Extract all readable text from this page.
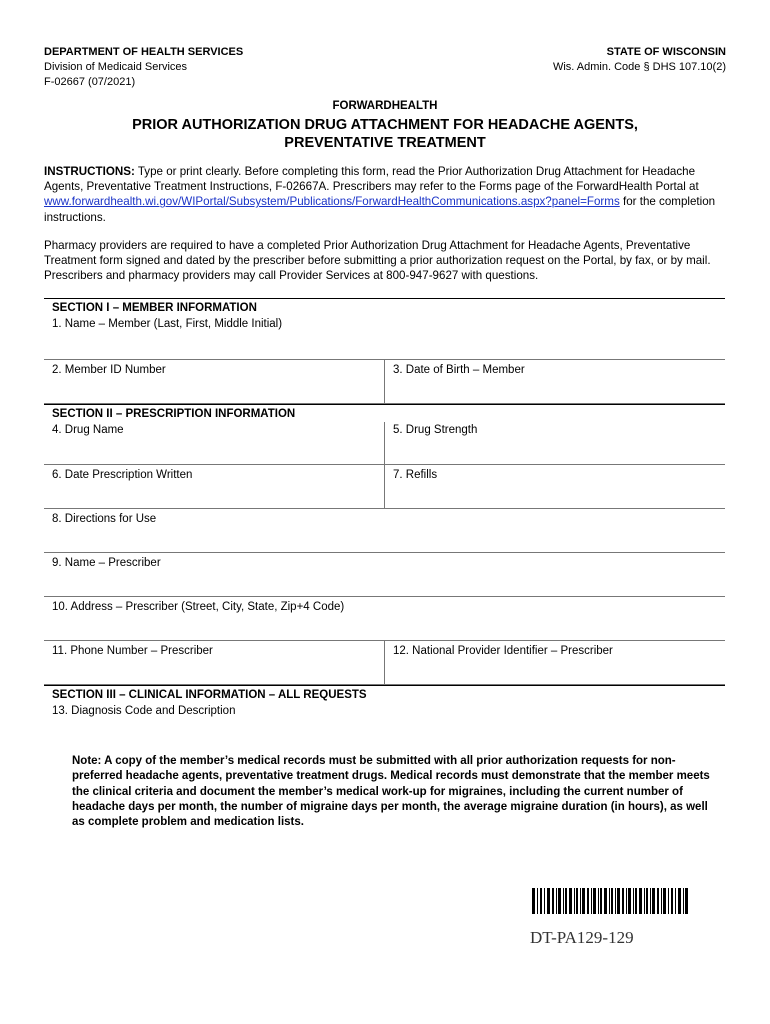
DEPARTMENT OF HEALTH SERVICES
Division of Medicaid Services
F-02667 (07/2021)
STATE OF WISCONSIN
Wis. Admin. Code § DHS 107.10(2)
FORWARDHEALTH
PRIOR AUTHORIZATION DRUG ATTACHMENT FOR HEADACHE AGENTS,
PREVENTATIVE TREATMENT
INSTRUCTIONS: Type or print clearly. Before completing this form, read the Prior Authorization Drug Attachment for Headache Agents, Preventative Treatment Instructions, F-02667A. Prescribers may refer to the Forms page of the ForwardHealth Portal at www.forwardhealth.wi.gov/WIPortal/Subsystem/Publications/ForwardHealthCommunications.aspx?panel=Forms for the completion instructions.
Pharmacy providers are required to have a completed Prior Authorization Drug Attachment for Headache Agents, Preventative Treatment form signed and dated by the prescriber before submitting a prior authorization request on the Portal, by fax, or by mail. Prescribers and pharmacy providers may call Provider Services at 800-947-9627 with questions.
SECTION I – MEMBER INFORMATION
1. Name – Member (Last, First, Middle Initial)
2. Member ID Number	3. Date of Birth – Member
SECTION II – PRESCRIPTION INFORMATION
4. Drug Name	5. Drug Strength
6. Date Prescription Written	7. Refills
8. Directions for Use
9. Name – Prescriber
10. Address – Prescriber (Street, City, State, Zip+4 Code)
11. Phone Number – Prescriber	12. National Provider Identifier – Prescriber
SECTION III – CLINICAL INFORMATION – ALL REQUESTS
13. Diagnosis Code and Description
Note: A copy of the member’s medical records must be submitted with all prior authorization requests for non-preferred headache agents, preventative treatment drugs. Medical records must demonstrate that the member meets the clinical criteria and document the member’s medical work-up for migraines, including the current number of headache days per month, the number of migraine days per month, the average migraine duration (in hours), as well as complete problem and medication lists.
DT-PA129-129
